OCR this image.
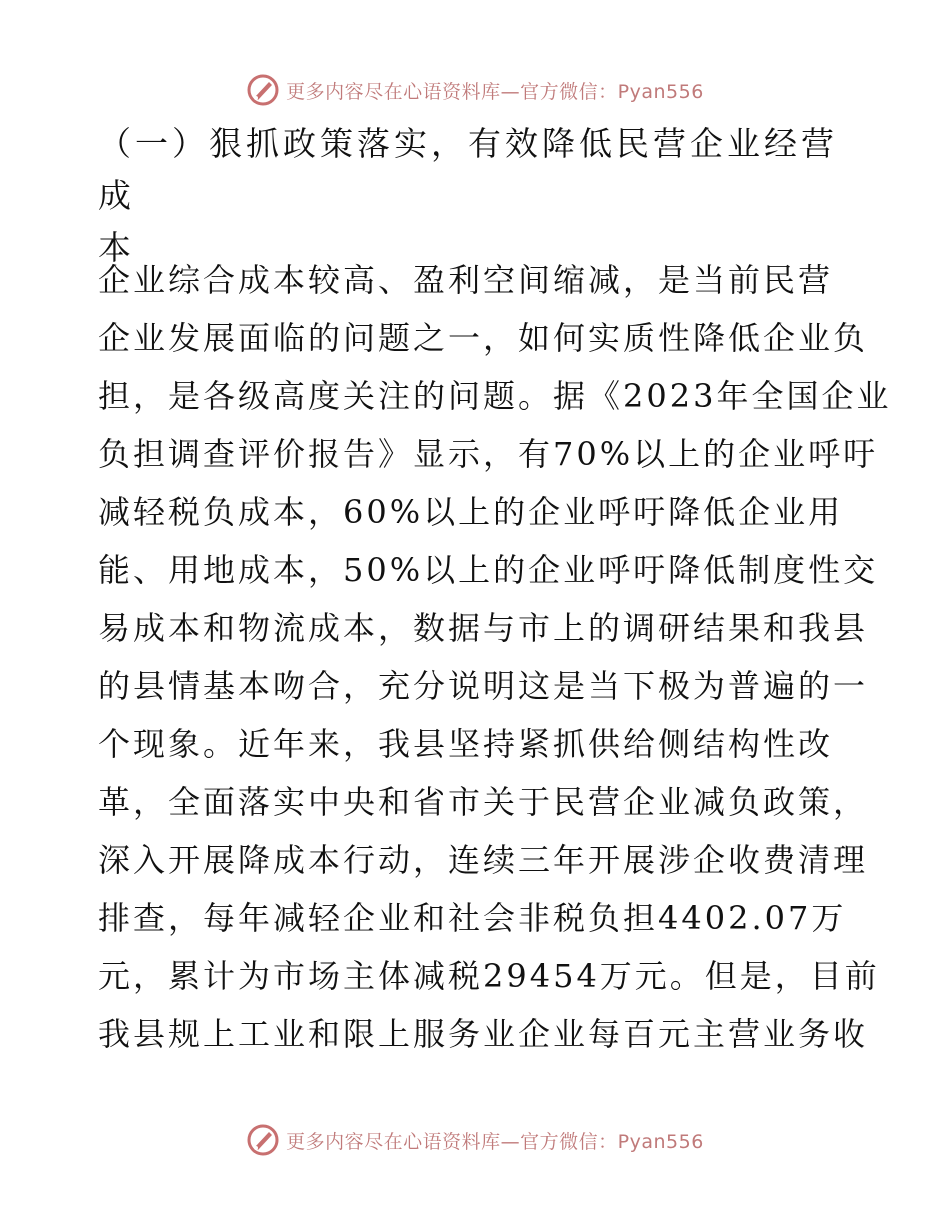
更多内容尽在心语资料库—官方微信：Pyan556
（一）狠抓政策落实，有效降低民营企业经营成
本
企业综合成本较高、盈利空间缩减，是当前民营
企业发展面临的问题之一，如何实质性降低企业负
担，是各级高度关注的问题。据《2023年全国企业
负担调查评价报告》显示，有70%以上的企业呼吁
减轻税负成本，60%以上的企业呼吁降低企业用
能、用地成本，50%以上的企业呼吁降低制度性交
易成本和物流成本，数据与市上的调研结果和我县
的县情基本吻合，充分说明这是当下极为普遍的一
个现象。近年来，我县坚持紧抓供给侧结构性改
革，全面落实中央和省市关于民营企业减负政策，
深入开展降成本行动，连续三年开展涉企收费清理
排查，每年减轻企业和社会非税负担4402.07万
元，累计为市场主体减税29454万元。但是，目前
我县规上工业和限上服务业企业每百元主营业务收
更多内容尽在心语资料库—官方微信：Pyan556
